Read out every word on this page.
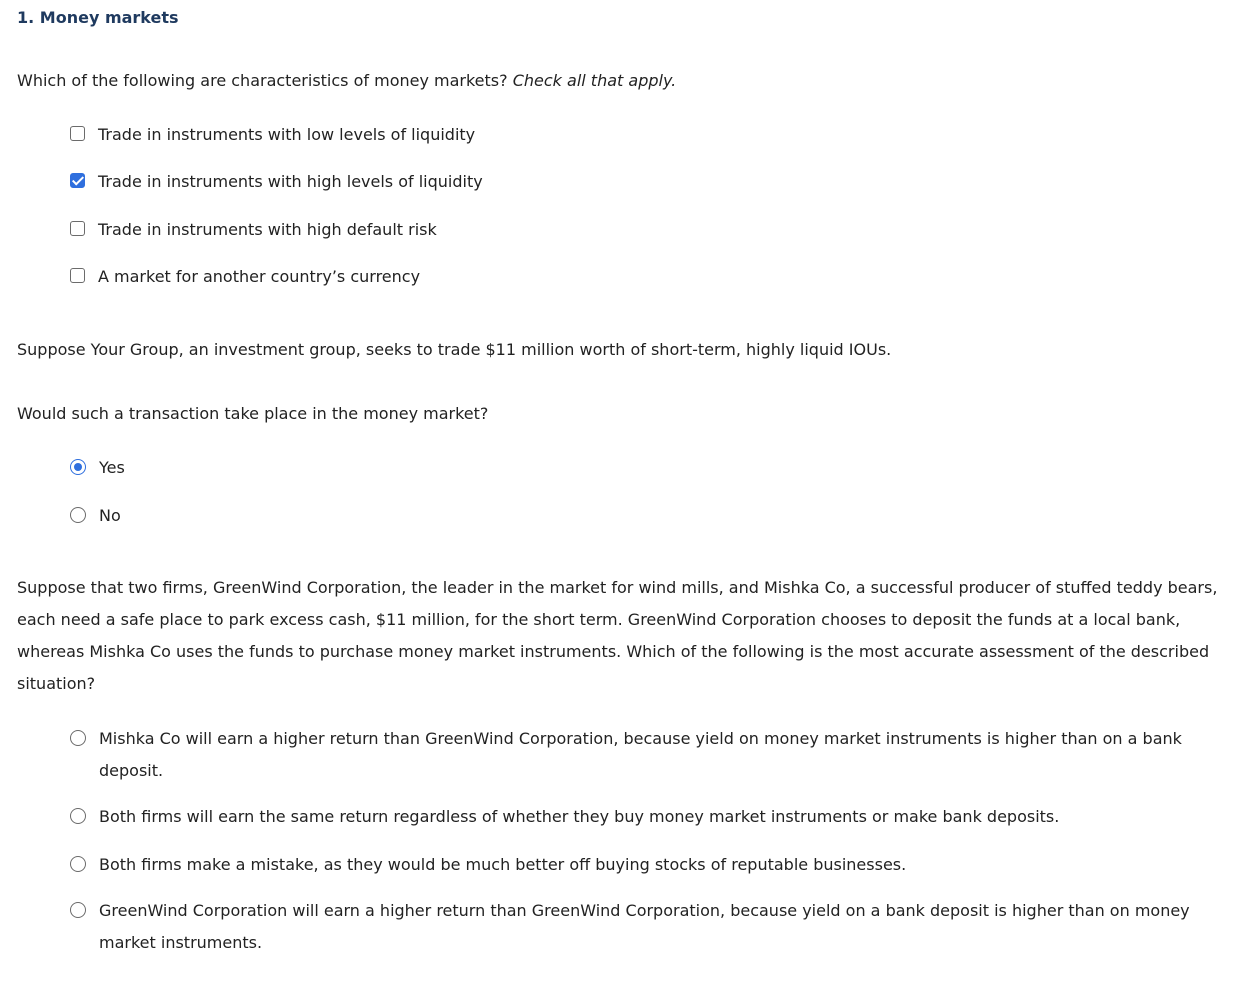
1. Money markets

Which of the following are characteristics of money markets? Check all that apply.

Trade in instruments with low levels of liquidity
Trade in instruments with high levels of liquidity
Trade in instruments with high default risk
A market for another country’s currency

Suppose Your Group, an investment group, seeks to trade $11 million worth of short-term, highly liquid IOUs.

Would such a transaction take place in the money market?

Yes
No

Suppose that two firms, GreenWind Corporation, the leader in the market for wind mills, and Mishka Co, a successful producer of stuffed teddy bears, each need a safe place to park excess cash, $11 million, for the short term. GreenWind Corporation chooses to deposit the funds at a local bank, whereas Mishka Co uses the funds to purchase money market instruments. Which of the following is the most accurate assessment of the described situation?

Mishka Co will earn a higher return than GreenWind Corporation, because yield on money market instruments is higher than on a bank deposit.
Both firms will earn the same return regardless of whether they buy money market instruments or make bank deposits.
Both firms make a mistake, as they would be much better off buying stocks of reputable businesses.
GreenWind Corporation will earn a higher return than GreenWind Corporation, because yield on a bank deposit is higher than on money market instruments.
